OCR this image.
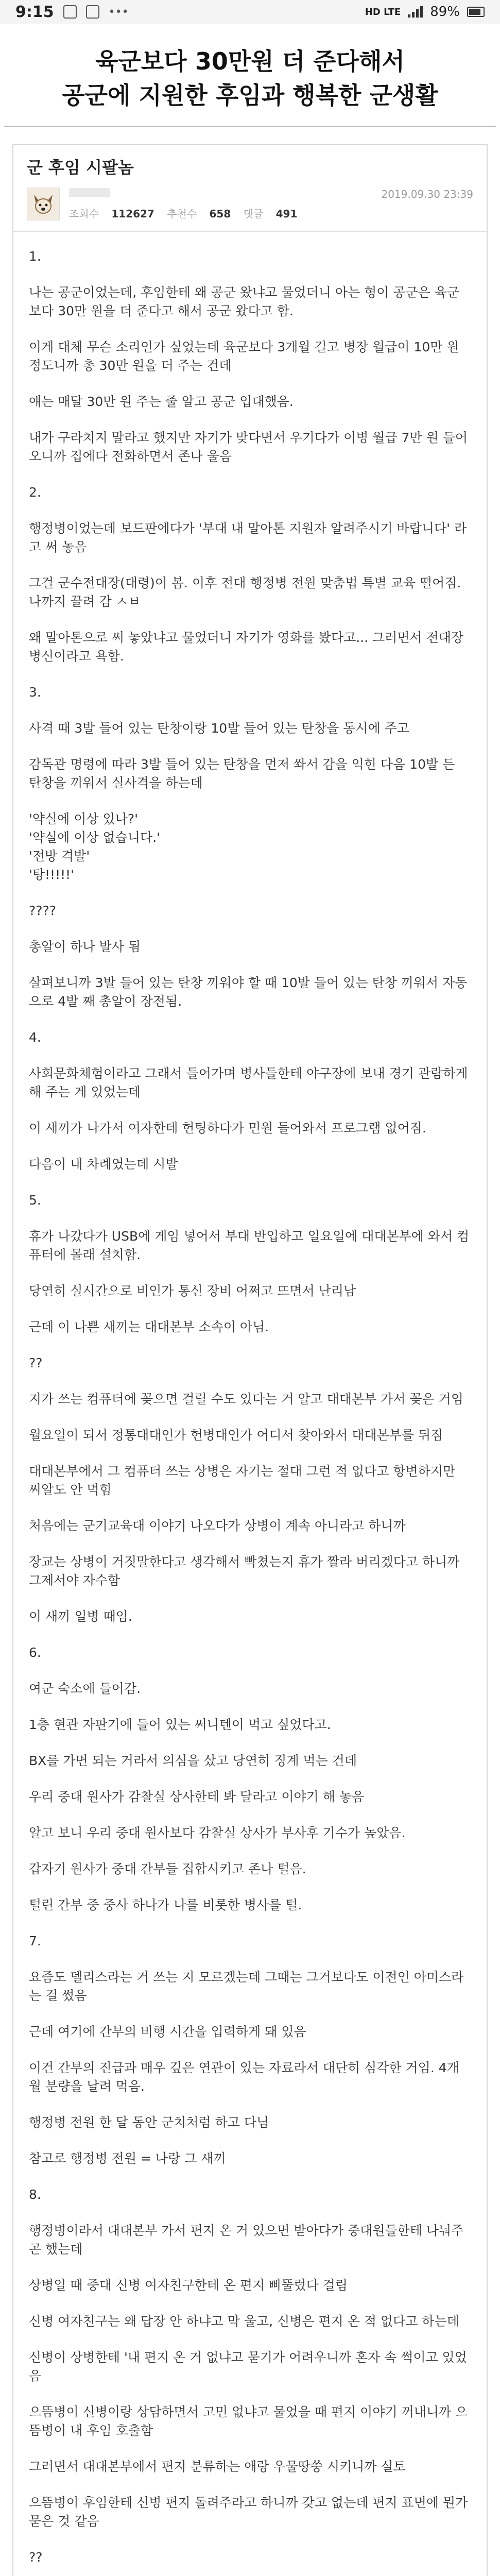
9:15	•••	HD LTE 89%
육군보다 30만원 더 준다해서
공군에 지원한 후임과 행복한 군생활
군 후임 시팔놈
2019.09.30 23:39
조회수 112627 추천수 658 댓글 491

1.

나는 공군이었는데, 후임한테 왜 공군 왔냐고 물었더니 아는 형이 공군은 육군보다 30만 원을 더 준다고 해서 공군 왔다고 함.

이게 대체 무슨 소리인가 싶었는데 육군보다 3개월 길고 병장 월급이 10만 원 정도니까 총 30만 원을 더 주는 건데

얘는 매달 30만 원 주는 줄 알고 공군 입대했음.

내가 구라치지 말라고 했지만 자기가 맞다면서 우기다가 이병 월급 7만 원 들어오니까 집에다 전화하면서 존나 울음

2.

행정병이었는데 보드판에다가 '부대 내 말아톤 지원자 알려주시기 바랍니다' 라고 써 놓음

그걸 군수전대장(대령)이 봄. 이후 전대 행정병 전원 맞춤법 특별 교육 떨어짐. 나까지 끌려 감 ㅅㅂ

왜 말아톤으로 써 놓았냐고 물었더니 자기가 영화를 봤다고... 그러면서 전대장 병신이라고 욕함.

3.

사격 때 3발 들어 있는 탄창이랑 10발 들어 있는 탄창을 동시에 주고

감독관 명령에 따라 3발 들어 있는 탄창을 먼저 쏴서 감을 익힌 다음 10발 든 탄창을 끼워서 실사격을 하는데

'약실에 이상 있나?'

'약실에 이상 없습니다.'

'전방 격발'

'탕!!!!!'

????

총알이 하나 발사 됨

살펴보니까 3발 들어 있는 탄창 끼워야 할 때 10발 들어 있는 탄창 끼워서 자동으로 4발 째 총알이 장전됨.

4.

사회문화체험이라고 그래서 들어가며 병사들한테 야구장에 보내 경기 관람하게 해 주는 게 있었는데

이 새끼가 나가서 여자한테 헌팅하다가 민원 들어와서 프로그램 없어짐.

다음이 내 차례였는데 시발

5.

휴가 나갔다가 USB에 게임 넣어서 부대 반입하고 일요일에 대대본부에 와서 컴퓨터에 몰래 설치함.

당연히 실시간으로 비인가 통신 장비 어쩌고 뜨면서 난리남

근데 이 나쁜 새끼는 대대본부 소속이 아님.

??

지가 쓰는 컴퓨터에 꽂으면 걸릴 수도 있다는 거 알고 대대본부 가서 꽂은 거임

월요일이 되서 정통대대인가 헌병대인가 어디서 찾아와서 대대본부를 뒤짐

대대본부에서 그 컴퓨터 쓰는 상병은 자기는 절대 그런 적 없다고 항변하지만 씨알도 안 먹힘

처음에는 군기교육대 이야기 나오다가 상병이 계속 아니라고 하니까

장교는 상병이 거짓말한다고 생각해서 빡쳤는지 휴가 짤라 버리겠다고 하니까 그제서야 자수함

이 새끼 일병 때임.

6.

여군 숙소에 들어감.

1층 현관 자판기에 들어 있는 써니텐이 먹고 싶었다고.

BX를 가면 되는 거라서 의심을 샀고 당연히 징계 먹는 건데

우리 중대 원사가 감찰실 상사한테 봐 달라고 이야기 해 놓음

알고 보니 우리 중대 원사보다 감찰실 상사가 부사후 기수가 높았음.

갑자기 원사가 중대 간부들 집합시키고 존나 털음.

털린 간부 중 중사 하나가 나를 비롯한 병사를 털.

7.

요즘도 델리스라는 거 쓰는 지 모르겠는데 그때는 그거보다도 이전인 아미스라는 걸 썼음

근데 여기에 간부의 비행 시간을 입력하게 돼 있음

이건 간부의 진급과 매우 깊은 연관이 있는 자료라서 대단히 심각한 거임. 4개월 분량을 날려 먹음.

행정병 전원 한 달 동안 군치처럼 하고 다님

참고로 행정병 전원 = 나랑 그 새끼

8.

행정병이라서 대대본부 가서 편지 온 거 있으면 받아다가 중대원들한테 나눠주곤 했는데

상병일 때 중대 신병 여자친구한테 온 편지 삐뚤렀다 걸림

신병 여자친구는 왜 답장 안 하냐고 막 울고, 신병은 편지 온 적 없다고 하는데

신병이 상병한테 '내 편지 온 거 없냐고 묻기가 어려우니까 혼자 속 썩이고 있었음

으뜸병이 신병이랑 상담하면서 고민 없냐고 물었을 때 편지 이야기 꺼내니까 으뜸병이 내 후임 호출함

그러면서 대대본부에서 편지 분류하는 애랑 우물땅쑹 시키니까 실토

으뜸병이 후임한테 신병 편지 돌려주라고 하니까 갖고 없는데 편지 표면에 뭔가 묻은 것 같음

??
